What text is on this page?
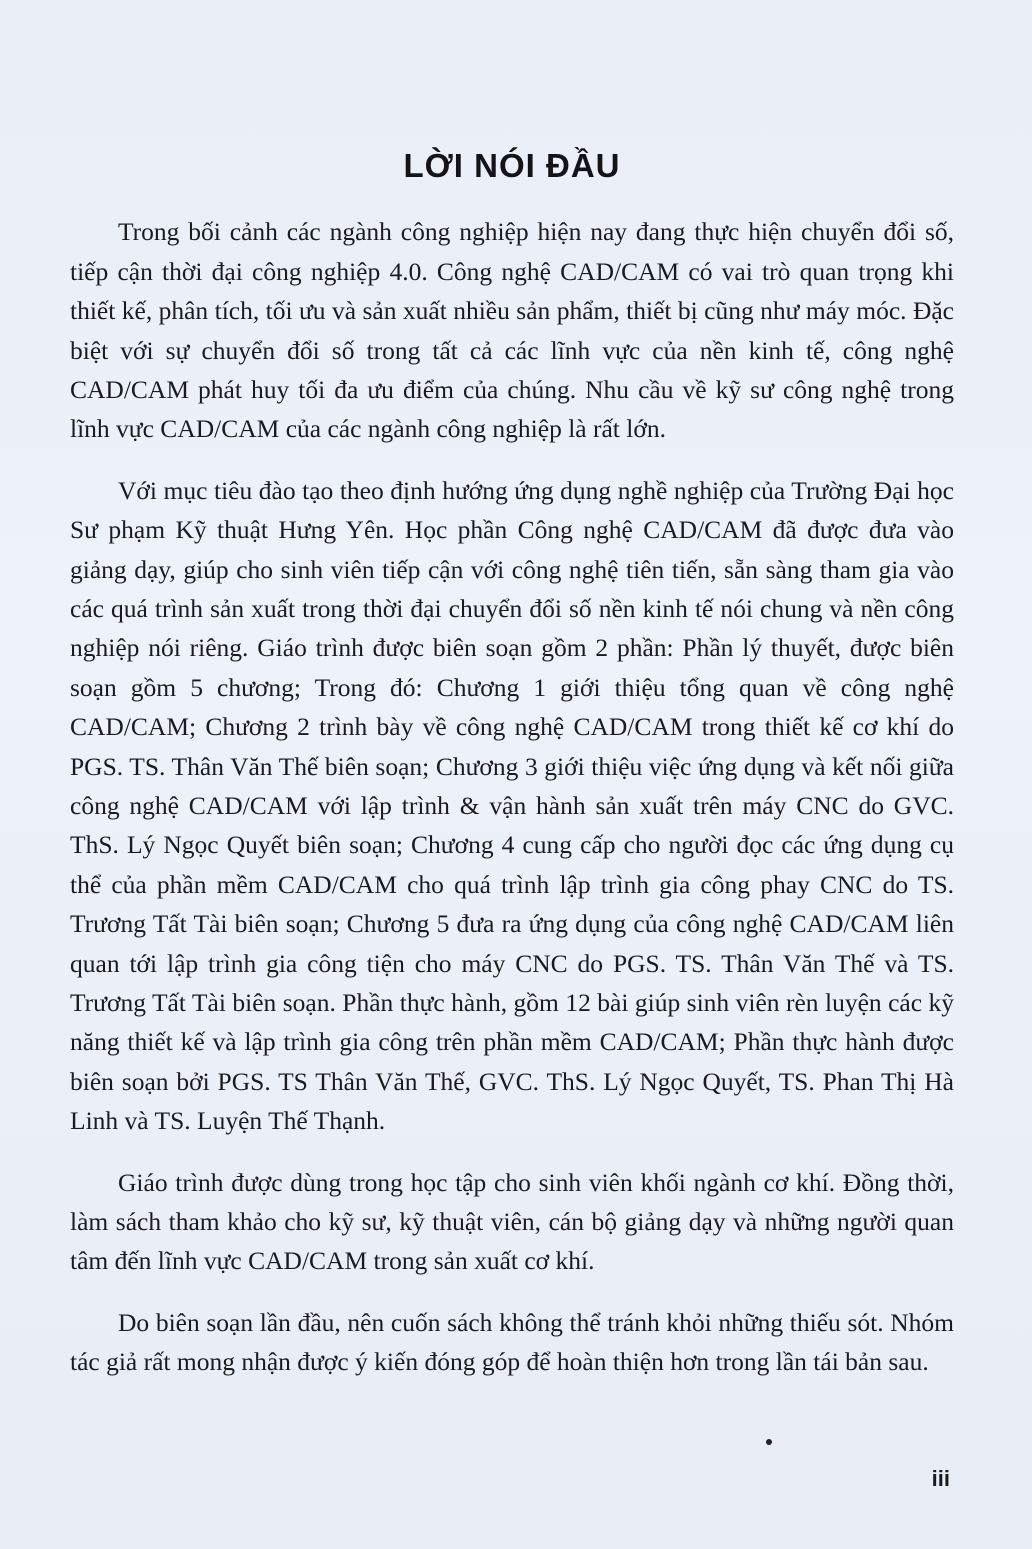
LỜI NÓI ĐẦU

Trong bối cảnh các ngành công nghiệp hiện nay đang thực hiện chuyển đổi số, tiếp cận thời đại công nghiệp 4.0. Công nghệ CAD/CAM có vai trò quan trọng khi thiết kế, phân tích, tối ưu và sản xuất nhiều sản phẩm, thiết bị cũng như máy móc. Đặc biệt với sự chuyển đổi số trong tất cả các lĩnh vực của nền kinh tế, công nghệ CAD/CAM phát huy tối đa ưu điểm của chúng. Nhu cầu về kỹ sư công nghệ trong lĩnh vực CAD/CAM của các ngành công nghiệp là rất lớn.

Với mục tiêu đào tạo theo định hướng ứng dụng nghề nghiệp của Trường Đại học Sư phạm Kỹ thuật Hưng Yên. Học phần Công nghệ CAD/CAM đã được đưa vào giảng dạy, giúp cho sinh viên tiếp cận với công nghệ tiên tiến, sẵn sàng tham gia vào các quá trình sản xuất trong thời đại chuyển đổi số nền kinh tế nói chung và nền công nghiệp nói riêng. Giáo trình được biên soạn gồm 2 phần: Phần lý thuyết, được biên soạn gồm 5 chương; Trong đó: Chương 1 giới thiệu tổng quan về công nghệ CAD/CAM; Chương 2 trình bày về công nghệ CAD/CAM trong thiết kế cơ khí do PGS. TS. Thân Văn Thế biên soạn; Chương 3 giới thiệu việc ứng dụng và kết nối giữa công nghệ CAD/CAM với lập trình & vận hành sản xuất trên máy CNC do GVC. ThS. Lý Ngọc Quyết biên soạn; Chương 4 cung cấp cho người đọc các ứng dụng cụ thể của phần mềm CAD/CAM cho quá trình lập trình gia công phay CNC do TS. Trương Tất Tài biên soạn; Chương 5 đưa ra ứng dụng của công nghệ CAD/CAM liên quan tới lập trình gia công tiện cho máy CNC do PGS. TS. Thân Văn Thế và TS. Trương Tất Tài biên soạn. Phần thực hành, gồm 12 bài giúp sinh viên rèn luyện các kỹ năng thiết kế và lập trình gia công trên phần mềm CAD/CAM; Phần thực hành được biên soạn bởi PGS. TS Thân Văn Thế, GVC. ThS. Lý Ngọc Quyết, TS. Phan Thị Hà Linh và TS. Luyện Thế Thạnh.

Giáo trình được dùng trong học tập cho sinh viên khối ngành cơ khí. Đồng thời, làm sách tham khảo cho kỹ sư, kỹ thuật viên, cán bộ giảng dạy và những người quan tâm đến lĩnh vực CAD/CAM trong sản xuất cơ khí.

Do biên soạn lần đầu, nên cuốn sách không thể tránh khỏi những thiếu sót. Nhóm tác giả rất mong nhận được ý kiến đóng góp để hoàn thiện hơn trong lần tái bản sau.

iii
